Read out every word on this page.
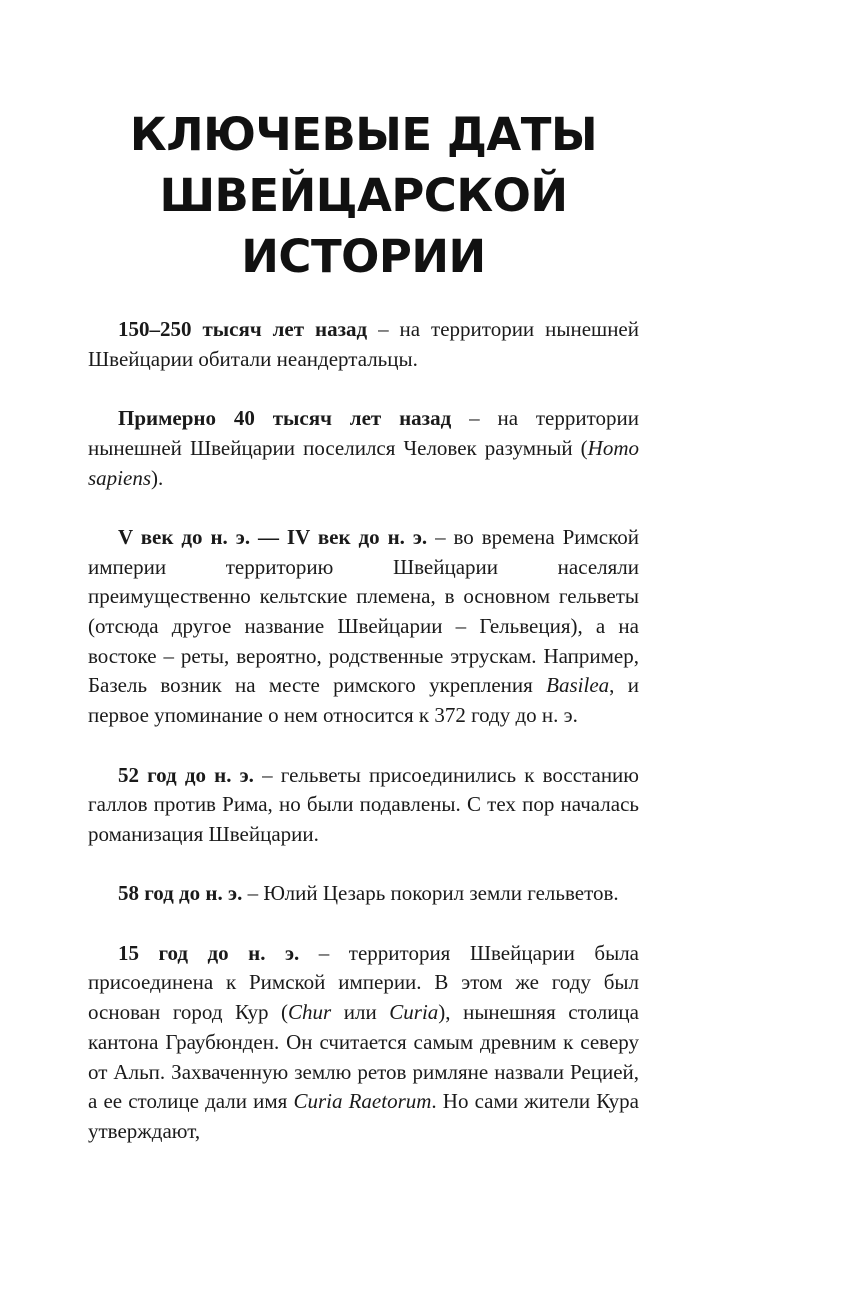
КЛЮЧЕВЫЕ ДАТЫ
ШВЕЙЦАРСКОЙ
ИСТОРИИ

150–250 тысяч лет назад – на территории нынешней Швейцарии обитали неандертальцы.

Примерно 40 тысяч лет назад – на территории нынешней Швейцарии поселился Человек разумный (Homo sapiens).

V век до н. э. — IV век до н. э. – во времена Римской империи территорию Швейцарии населяли преимущественно кельтские племена, в основном гельветы (отсюда другое название Швейцарии – Гельвеция), а на востоке – реты, вероятно, родственные этрускам. Например, Базель возник на месте римского укрепления Basilea, и первое упоминание о нем относится к 372 году до н. э.

52 год до н. э. – гельветы присоединились к восстанию галлов против Рима, но были подавлены. С тех пор началась романизация Швейцарии.

58 год до н. э. – Юлий Цезарь покорил земли гельветов.

15 год до н. э. – территория Швейцарии была присоединена к Римской империи. В этом же году был основан город Кур (Chur или Curia), нынешняя столица кантона Граубюнден. Он считается самым древним к северу от Альп. Захваченную землю ретов римляне назвали Рецией, а ее столице дали имя Curia Raetorum. Но сами жители Кура утверждают,
